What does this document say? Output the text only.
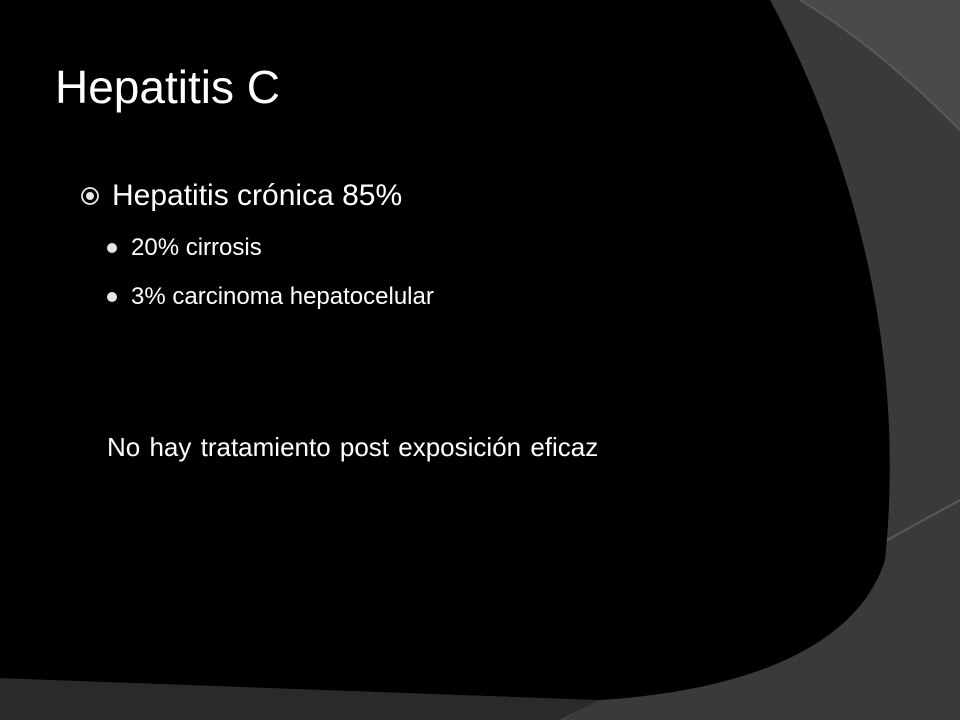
Hepatitis C
Hepatitis crónica 85%
20% cirrosis
3% carcinoma hepatocelular

No hay tratamiento post exposición eficaz
